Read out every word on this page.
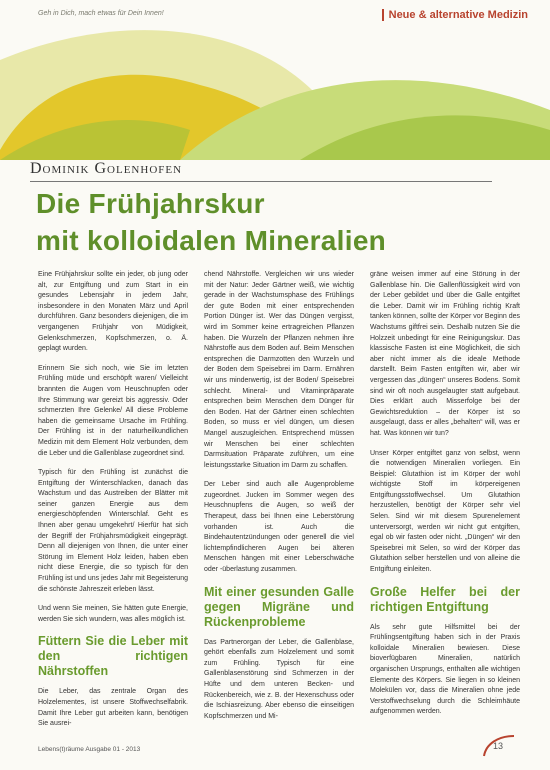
Geh in Dich, mach etwas für Dein Innen!	Neue & alternative Medizin
Dominik Golenhofen
Die Frühjahrskur
mit kolloidalen Mineralien

Eine Frühjahrskur sollte ein jeder, ob jung oder alt, zur Entgiftung und zum Start in ein gesundes Lebensjahr in jedem Jahr, insbesondere in den Monaten März und April durchführen. Ganz besonders diejenigen, die im vergangenen Frühjahr von Müdigkeit, Gelenkschmerzen, Kopfschmerzen, o. Ä. geplagt wurden.

Erinnern Sie sich noch, wie Sie im letzten Frühling müde und erschöpft waren/ Vielleicht brannten die Augen vom Heuschnupfen oder Ihre Stimmung war gereizt bis aggressiv. Oder schmerzten Ihre Gelenke/ All diese Probleme haben die gemeinsame Ursache im Frühling. Der Frühling ist in der naturheilkundlichen Medizin mit dem Element Holz verbunden, dem die Leber und die Gallenblase zugeordnet sind.

Typisch für den Frühling ist zunächst die Entgiftung der Winterschlacken, danach das Wachstum und das Austreiben der Blätter mit seiner ganzen Energie aus dem energieschöpfenden Winterschlaf. Geht es Ihnen aber genau umgekehrt/ Hierfür hat sich der Begriff der Frühjahrsmüdigkeit eingeprägt. Denn all diejenigen von Ihnen, die unter einer Störung im Element Holz leiden, haben eben nicht diese Energie, die so typisch für den Frühling ist und uns jedes Jahr mit Begeisterung die schönste Jahreszeit erleben lässt.

Und wenn Sie meinen, Sie hätten gute Energie, werden Sie sich wundern, was alles möglich ist.

Füttern Sie die Leber mit den richtigen Nährstoffen

Die Leber, das zentrale Organ des Holzelementes, ist unsere Stoffwechselfabrik. Damit Ihre Leber gut arbeiten kann, benötigen Sie ausrei-

chend Nährstoffe. Vergleichen wir uns wieder mit der Natur: Jeder Gärtner weiß, wie wichtig gerade in der Wachstumsphase des Frühlings der gute Boden mit einer entsprechenden Portion Dünger ist. Wer das Düngen vergisst, wird im Sommer keine ertragreichen Pflanzen haben. Die Wurzeln der Pflanzen nehmen ihre Nährstoffe aus dem Boden auf. Beim Menschen entsprechen die Darmzotten den Wurzeln und der Boden dem Speisebrei im Darm. Ernähren wir uns minderwertig, ist der Boden/ Speisebrei schlecht. Mineral- und Vitaminpräparate entsprechen beim Menschen dem Dünger für den Boden. Hat der Gärtner einen schlechten Boden, so muss er viel düngen, um diesen Mangel auszugleichen. Entsprechend müssen wir Menschen bei einer schlechten Darmsituation Präparate zuführen, um eine leistungsstarke Situation im Darm zu schaffen.

Der Leber sind auch alle Augenprobleme zugeordnet. Jucken im Sommer wegen des Heuschnupfens die Augen, so weiß der Therapeut, dass bei Ihnen eine Leberstörung vorhanden ist. Auch die Bindehautentzündungen oder generell die viel lichtempfindlicheren Augen bei älteren Menschen hängen mit einer Leberschwäche oder -überlastung zusammen.

Mit einer gesunden Galle gegen Migräne und Rückenprobleme

Das Partnerorgan der Leber, die Gallenblase, gehört ebenfalls zum Holzelement und somit zum Frühling. Typisch für eine Gallenblasenstörung sind Schmerzen in der Hüfte und dem unteren Becken- und Rückenbereich, wie z. B. der Hexenschuss oder die Ischiasreizung. Aber ebenso die einseitigen Kopfschmerzen und Mi-

gräne weisen immer auf eine Störung in der Gallenblase hin. Die Gallenflüssigkeit wird von der Leber gebildet und über die Galle entgiftet die Leber. Damit wir im Frühling richtig Kraft tanken können, sollte der Körper vor Beginn des Wachstums giftfrei sein. Deshalb nutzen Sie die Holzzeit unbedingt für eine Reinigungskur. Das klassische Fasten ist eine Möglichkeit, die sich aber nicht immer als die ideale Methode darstellt. Beim Fasten entgiften wir, aber wir vergessen das „düngen“ unseres Bodens. Somit sind wir oft noch ausgelaugter statt aufgebaut. Dies erklärt auch Misserfolge bei der Gewichtsreduktion – der Körper ist so ausgelaugt, dass er alles „behalten“ will, was er hat. Was können wir tun?

Unser Körper entgiftet ganz von selbst, wenn die notwendigen Mineralien vorliegen. Ein Beispiel: Glutathion ist im Körper der wohl wichtigste Stoff im körpereigenen Entgiftungsstoffwechsel. Um Glutathion herzustellen, benötigt der Körper sehr viel Selen. Sind wir mit diesem Spurenelement unterversorgt, werden wir nicht gut entgiften, egal ob wir fasten oder nicht. „Düngen“ wir den Speisebrei mit Selen, so wird der Körper das Glutathion selber herstellen und von alleine die Entgiftung einleiten.

Große Helfer bei der richtigen Entgiftung

Als sehr gute Hilfsmittel bei der Frühlingsentgiftung haben sich in der Praxis kolloidale Mineralien bewiesen. Diese bioverfügbaren Mineralien, natürlich organischen Ursprungs, enthalten alle wichtigen Elemente des Körpers. Sie liegen in so kleinen Molekülen vor, dass die Mineralien ohne jede Verstoffwechselung durch die Schleimhäute aufgenommen werden.

Lebens(t)räume Ausgabe 01 - 2013	13
